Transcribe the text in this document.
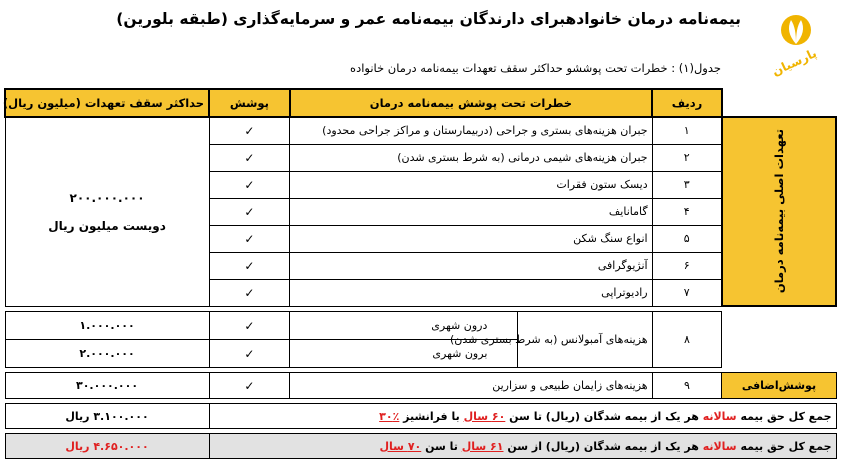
بیمه‌نامه درمان خانوادهبرای دارندگان بیمه‌نامه عمر و سرمایه‌گذاری (طبقه بلورین)
پارسیان
جدول(۱) : خطرات تحت پوششو حداکثر سقف تعهدات بیمه‌نامه درمان خانواده
	ردیف	خطرات تحت پوشش بیمه‌نامه درمان		پوشش	حداکثر سقف تعهدات (میلیون ریال)

تعهدات اصلی بیمه‌نامه درمان	۱	جبران هزینه‌های بستری و جراحی (دربیمارستان و مراکز جراحی محدود)		✓	۲۰۰.۰۰۰.۰۰۰
دویست میلیون ریال

	۲	جبران هزینه‌های شیمی درمانی (به شرط بستری شدن)		✓	
	۳	دیسک ستون فقرات		✓	
	۴	گامانایف		✓	
	۵	انواع سنگ شکن		✓	
	۶	آنژیوگرافی		✓	
	۷	رادیوتراپی		✓	

	۸	هزینه‌های آمبولانس (به شرط بستری شدن)	درون شهری	✓	۱.۰۰۰.۰۰۰
			برون شهری	✓	۲.۰۰۰.۰۰۰

پوشش‌اضافی	۹	هزینه‌های زایمان طبیعی و سزارین		✓	۳۰.۰۰۰.۰۰۰

جمع کل حق بیمه سالانه هر یک از بیمه شدگان (ریال) تا سن ۶۰ سال با فرانشیز ٪۳۰					۳.۱۰۰.۰۰۰ ریال

جمع کل حق بیمه سالانه هر یک از بیمه شدگان (ریال) از سن ۶۱ سال تا سن ۷۰ سال					۴.۶۵۰.۰۰۰ ریال
